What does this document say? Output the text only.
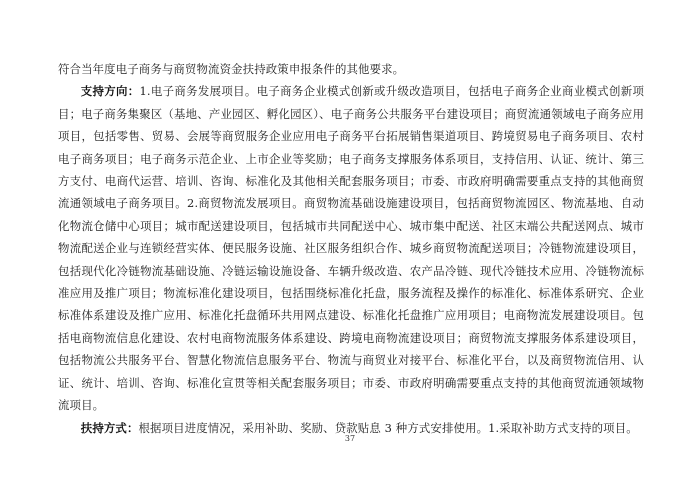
符合当年度电子商务与商贸物流资金扶持政策申报条件的其他要求。

支持方向：1.电子商务发展项目。电子商务企业模式创新或升级改造项目，包括电子商务企业商业模式创新项目；电子商务集聚区（基地、产业园区、孵化园区）、电子商务公共服务平台建设项目；商贸流通领域电子商务应用项目，包括零售、贸易、会展等商贸服务企业应用电子商务平台拓展销售渠道项目、跨境贸易电子商务项目、农村电子商务项目；电子商务示范企业、上市企业等奖励；电子商务支撑服务体系项目，支持信用、认证、统计、第三方支付、电商代运营、培训、咨询、标准化及其他相关配套服务项目；市委、市政府明确需要重点支持的其他商贸流通领域电子商务项目。2.商贸物流发展项目。商贸物流基础设施建设项目，包括商贸物流园区、物流基地、自动化物流仓储中心项目；城市配送建设项目，包括城市共同配送中心、城市集中配送、社区末端公共配送网点、城市物流配送企业与连锁经营实体、便民服务设施、社区服务组织合作、城乡商贸物流配送项目；冷链物流建设项目，包括现代化冷链物流基础设施、冷链运输设施设备、车辆升级改造、农产品冷链、现代冷链技术应用、冷链物流标准应用及推广项目；物流标准化建设项目，包括围绕标准化托盘，服务流程及操作的标准化、标准体系研究、企业标准体系建设及推广应用、标准化托盘循环共用网点建设、标准化托盘推广应用项目；电商物流发展建设项目。包括电商物流信息化建设、农村电商物流服务体系建设、跨境电商物流建设项目；商贸物流支撑服务体系建设项目，包括物流公共服务平台、智慧化物流信息服务平台、物流与商贸业对接平台、标准化平台，以及商贸物流信用、认证、统计、培训、咨询、标准化宣贯等相关配套服务项目；市委、市政府明确需要重点支持的其他商贸流通领域物流项目。

扶持方式：根据项目进度情况，采用补助、奖励、贷款贴息 3 种方式安排使用。1.采取补助方式支持的项目。

37
